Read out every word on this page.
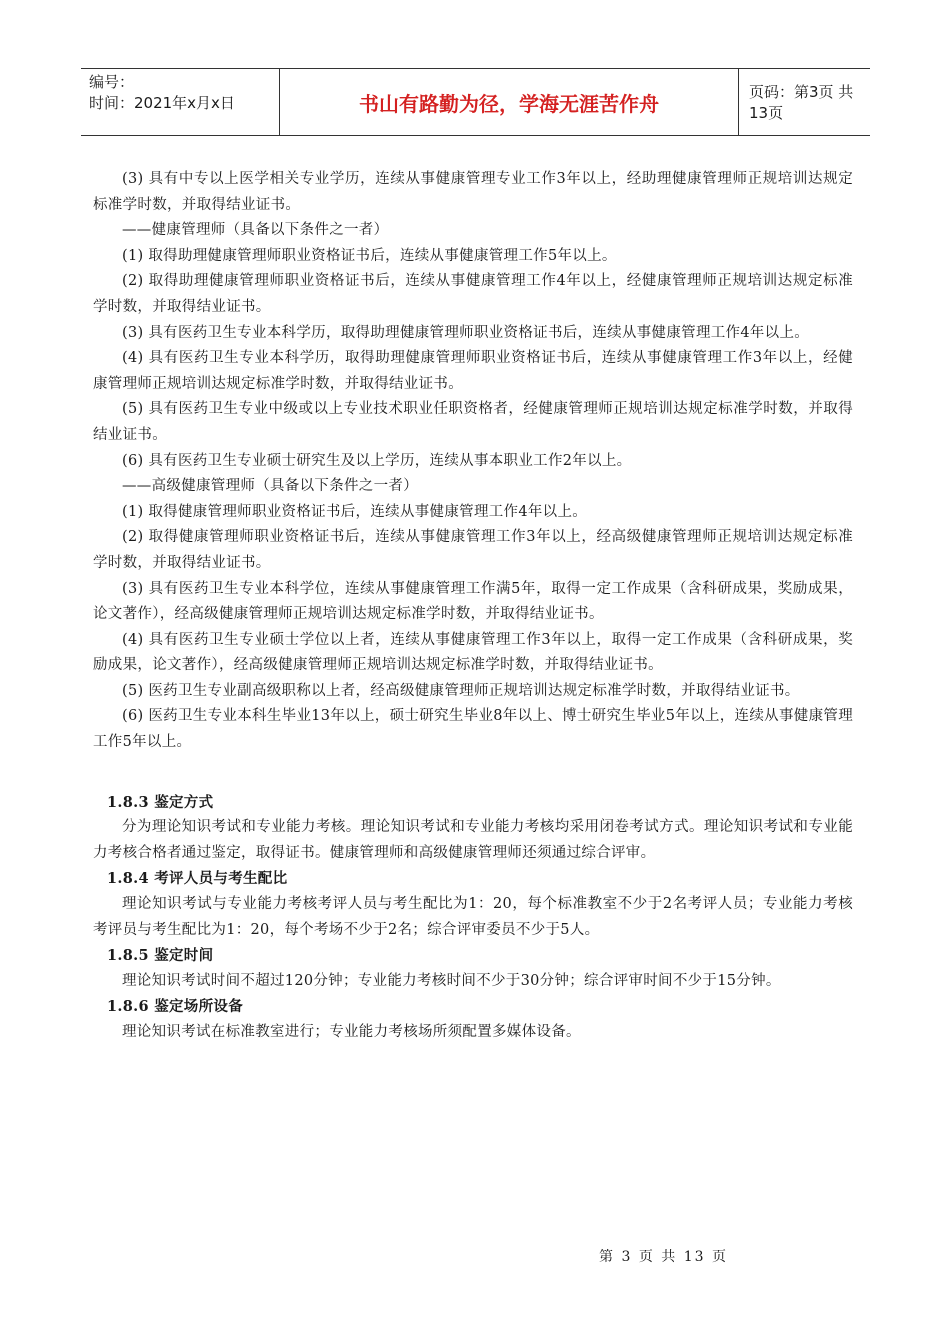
编号：
时间：2021年x月x日	书山有路勤为径，学海无涯苦作舟	页码：第3页 共13页

(3) 具有中专以上医学相关专业学历，连续从事健康管理专业工作3年以上，经助理健康管理师正规培训达规定标准学时数，并取得结业证书。

——健康管理师（具备以下条件之一者）

(1) 取得助理健康管理师职业资格证书后，连续从事健康管理工作5年以上。

(2) 取得助理健康管理师职业资格证书后，连续从事健康管理工作4年以上，经健康管理师正规培训达规定标准学时数，并取得结业证书。

(3) 具有医药卫生专业本科学历，取得助理健康管理师职业资格证书后，连续从事健康管理工作4年以上。

(4) 具有医药卫生专业本科学历，取得助理健康管理师职业资格证书后，连续从事健康管理工作3年以上，经健康管理师正规培训达规定标准学时数，并取得结业证书。

(5) 具有医药卫生专业中级或以上专业技术职业任职资格者，经健康管理师正规培训达规定标准学时数，并取得结业证书。

(6) 具有医药卫生专业硕士研究生及以上学历，连续从事本职业工作2年以上。

——高级健康管理师（具备以下条件之一者）

(1) 取得健康管理师职业资格证书后，连续从事健康管理工作4年以上。

(2) 取得健康管理师职业资格证书后，连续从事健康管理工作3年以上，经高级健康管理师正规培训达规定标准学时数，并取得结业证书。

(3) 具有医药卫生专业本科学位，连续从事健康管理工作满5年，取得一定工作成果（含科研成果，奖励成果，论文著作），经高级健康管理师正规培训达规定标准学时数，并取得结业证书。

(4) 具有医药卫生专业硕士学位以上者，连续从事健康管理工作3年以上，取得一定工作成果（含科研成果，奖励成果，论文著作），经高级健康管理师正规培训达规定标准学时数，并取得结业证书。

(5) 医药卫生专业副高级职称以上者，经高级健康管理师正规培训达规定标准学时数，并取得结业证书。

(6) 医药卫生专业本科生毕业13年以上，硕士研究生毕业8年以上、博士研究生毕业5年以上，连续从事健康管理工作5年以上。

1.8.3 鉴定方式

分为理论知识考试和专业能力考核。理论知识考试和专业能力考核均采用闭卷考试方式。理论知识考试和专业能力考核合格者通过鉴定，取得证书。健康管理师和高级健康管理师还须通过综合评审。

1.8.4 考评人员与考生配比

理论知识考试与专业能力考核考评人员与考生配比为1：20，每个标准教室不少于2名考评人员；专业能力考核考评员与考生配比为1：20，每个考场不少于2名；综合评审委员不少于5人。

1.8.5 鉴定时间

理论知识考试时间不超过120分钟；专业能力考核时间不少于30分钟；综合评审时间不少于15分钟。

1.8.6 鉴定场所设备

理论知识考试在标准教室进行；专业能力考核场所须配置多媒体设备。

第 3 页 共 13 页
